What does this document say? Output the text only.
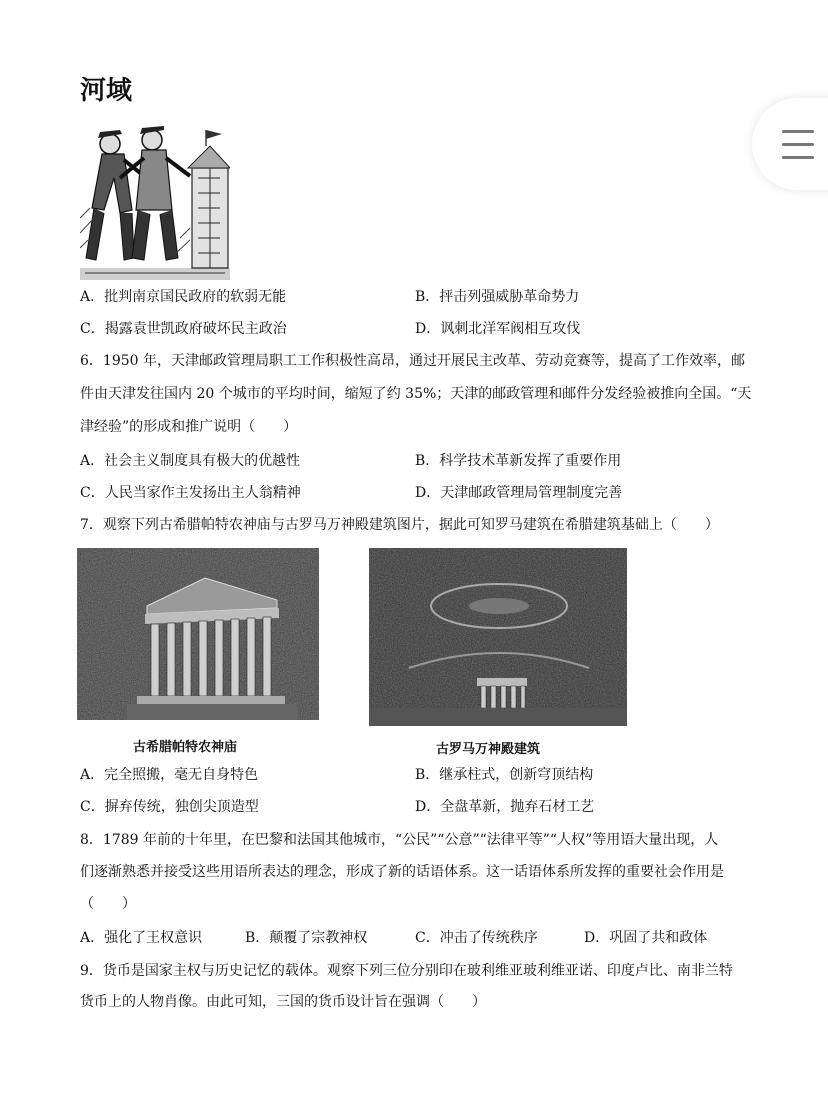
河域
A．批判南京国民政府的软弱无能	B．抨击列强威胁革命势力
C．揭露袁世凯政府破坏民主政治	D．讽刺北洋军阀相互攻伐
6．1950 年，天津邮政管理局职工工作积极性高昂，通过开展民主改革、劳动竞赛等，提高了工作效率，邮
件由天津发往国内 20 个城市的平均时间，缩短了约 35%；天津的邮政管理和邮件分发经验被推向全国。“天
津经验”的形成和推广说明（　　）
A．社会主义制度具有极大的优越性	B．科学技术革新发挥了重要作用
C．人民当家作主发扬出主人翁精神	D．天津邮政管理局管理制度完善
7．观察下列古希腊帕特农神庙与古罗马万神殿建筑图片，据此可知罗马建筑在希腊建筑基础上（　　）
古希腊帕特农神庙	古罗马万神殿建筑
A．完全照搬，毫无自身特色	B．继承柱式，创新穹顶结构
C．摒弃传统，独创尖顶造型	D．全盘革新，抛弃石材工艺
8．1789 年前的十年里，在巴黎和法国其他城市，“公民”“公意”“法律平等”“人权”等用语大量出现，人
们逐渐熟悉并接受这些用语所表达的理念，形成了新的话语体系。这一话语体系所发挥的重要社会作用是
（　　）
A．强化了王权意识	B．颠覆了宗教神权	C．冲击了传统秩序	D．巩固了共和政体
9．货币是国家主权与历史记忆的载体。观察下列三位分别印在玻利维亚玻利维亚诺、印度卢比、南非兰特
货币上的人物肖像。由此可知，三国的货币设计旨在强调（　　）
